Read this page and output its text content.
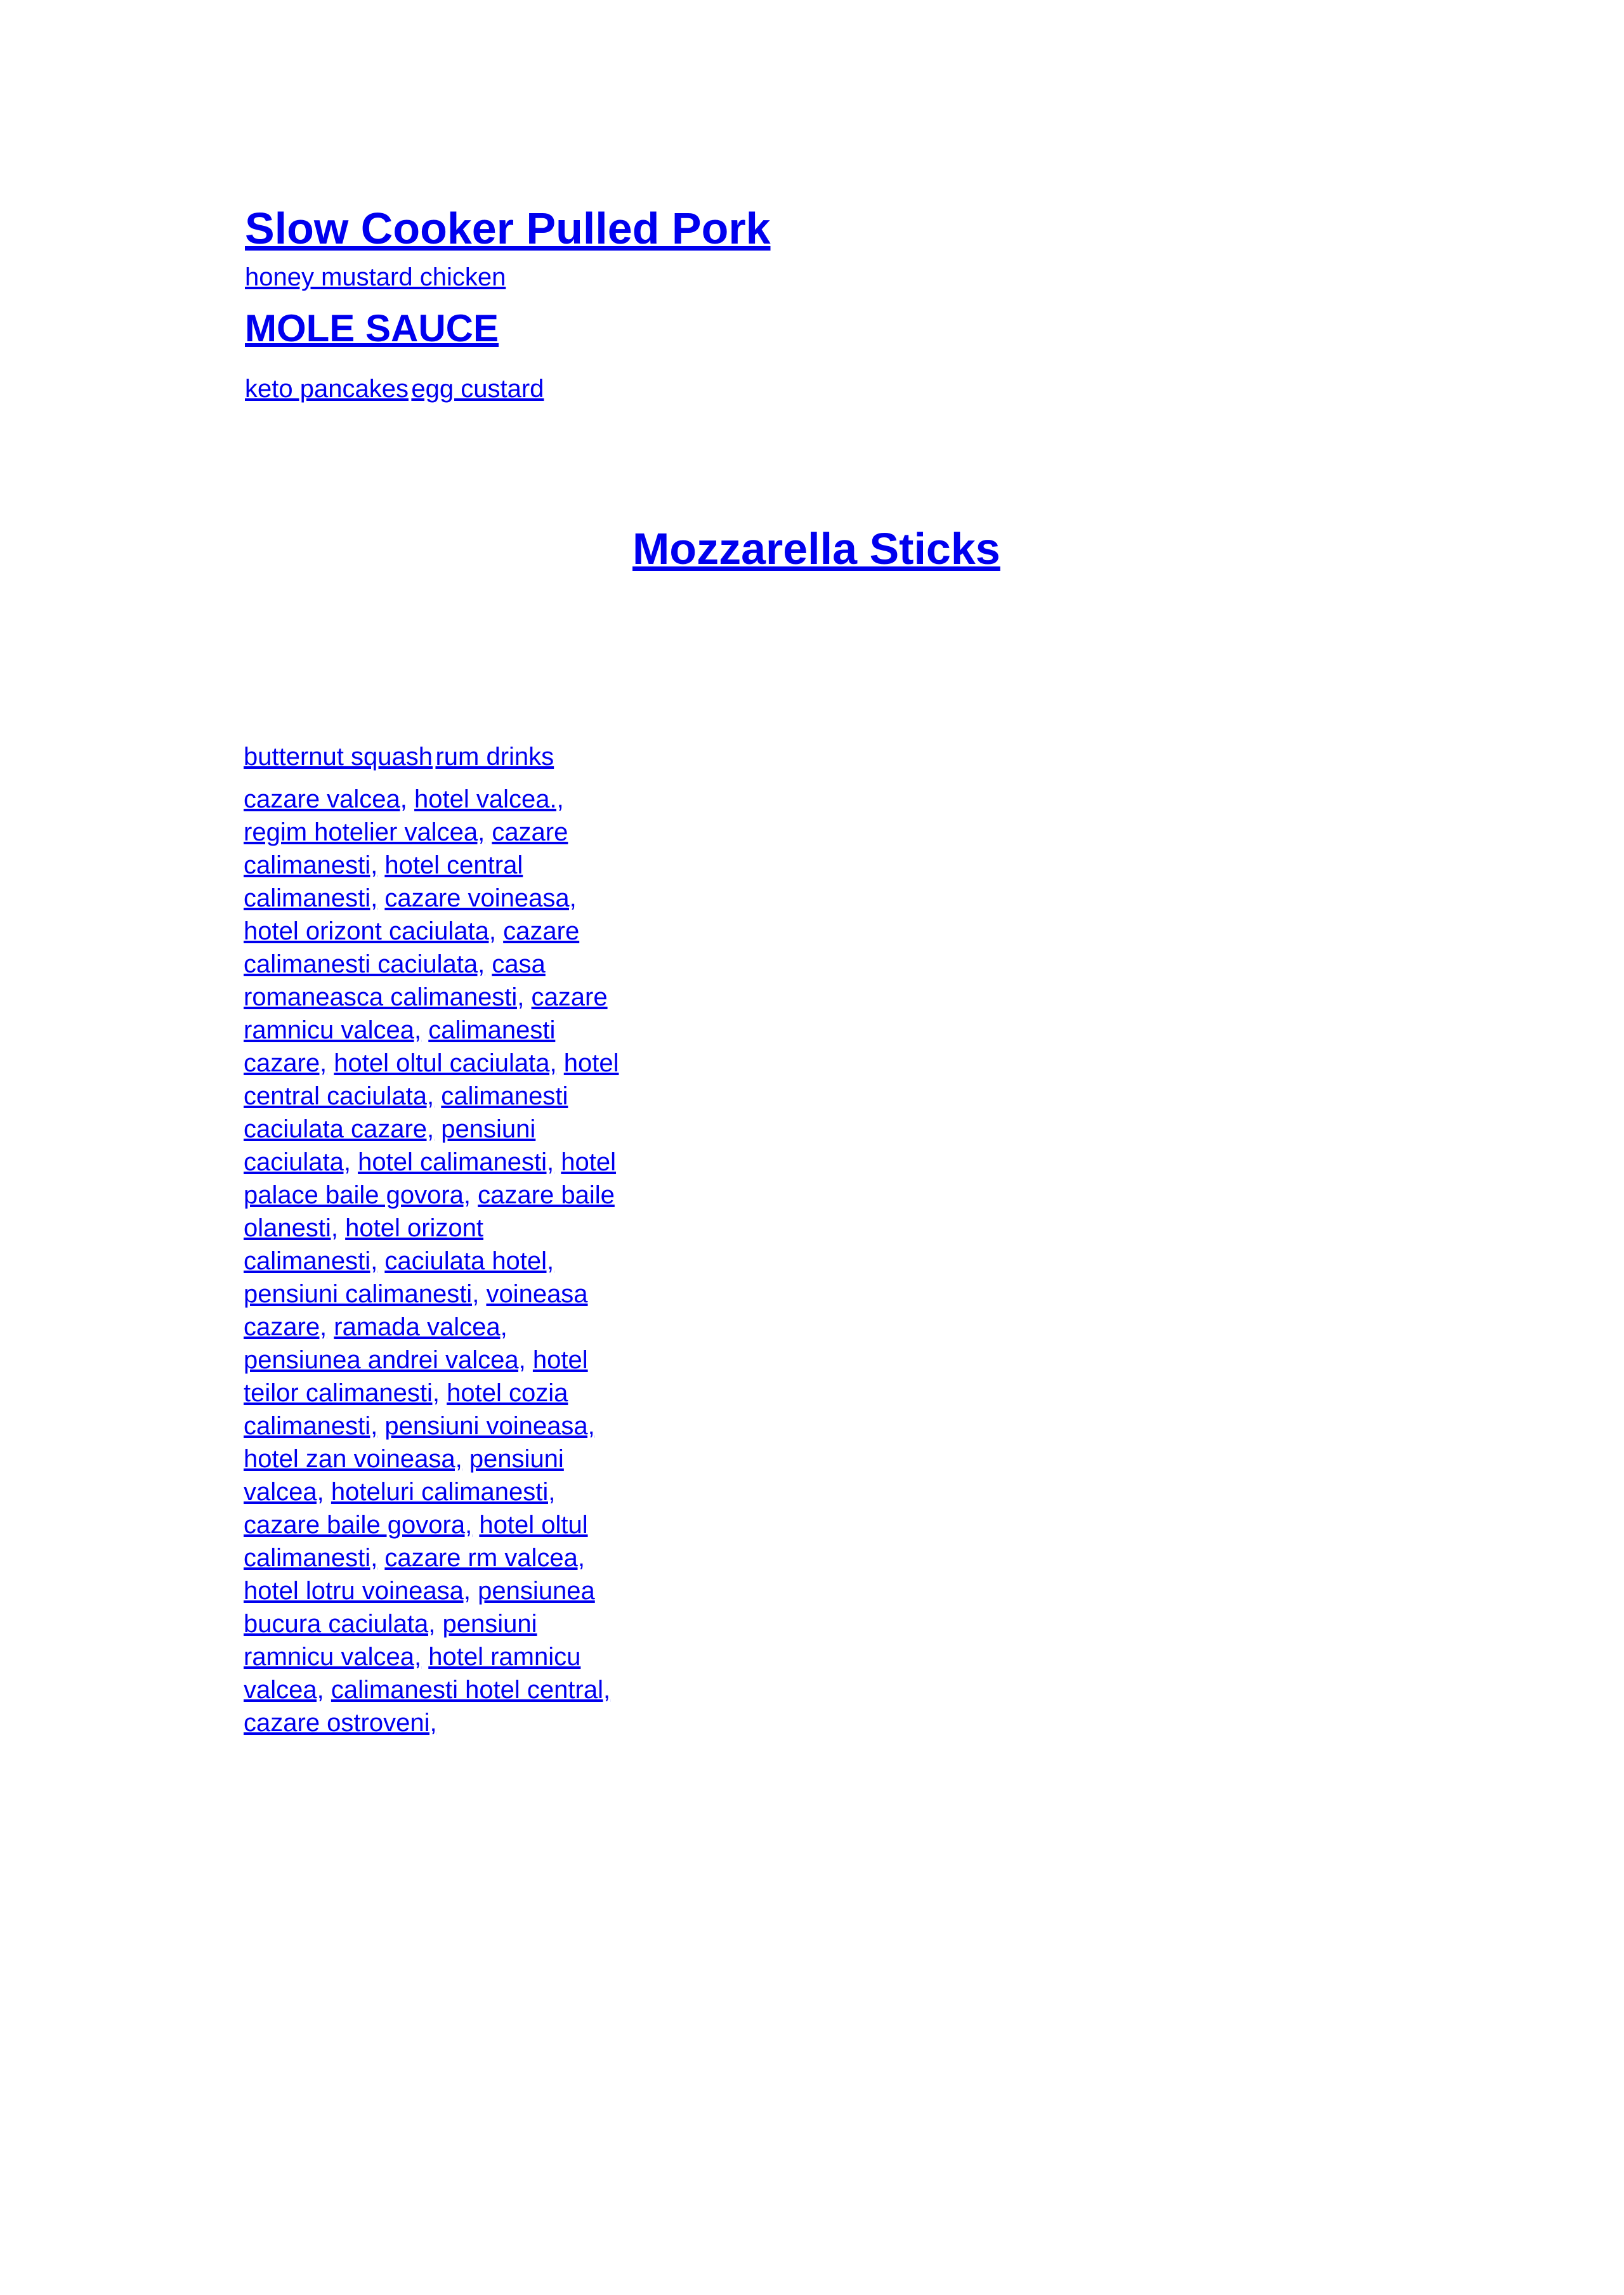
Slow Cooker Pulled Pork
honey mustard chicken
MOLE SAUCE
keto pancakes egg custard
Mozzarella Sticks
butternut squash rum drinks
cazare valcea, hotel valcea., regim hotelier valcea, cazare calimanesti, hotel central calimanesti, cazare voineasa, hotel orizont caciulata, cazare calimanesti caciulata, casa romaneasca calimanesti, cazare ramnicu valcea, calimanesti cazare, hotel oltul caciulata, hotel central caciulata, calimanesti caciulata cazare, pensiuni caciulata, hotel calimanesti, hotel palace baile govora, cazare baile olanesti, hotel orizont calimanesti, caciulata hotel, pensiuni calimanesti, voineasa cazare, ramada valcea, pensiunea andrei valcea, hotel teilor calimanesti, hotel cozia calimanesti, pensiuni voineasa, hotel zan voineasa, pensiuni valcea, hoteluri calimanesti, cazare baile govora, hotel oltul calimanesti, cazare rm valcea, hotel lotru voineasa, pensiunea bucura caciulata, pensiuni ramnicu valcea, hotel ramnicu valcea, calimanesti hotel central, cazare ostroveni,
